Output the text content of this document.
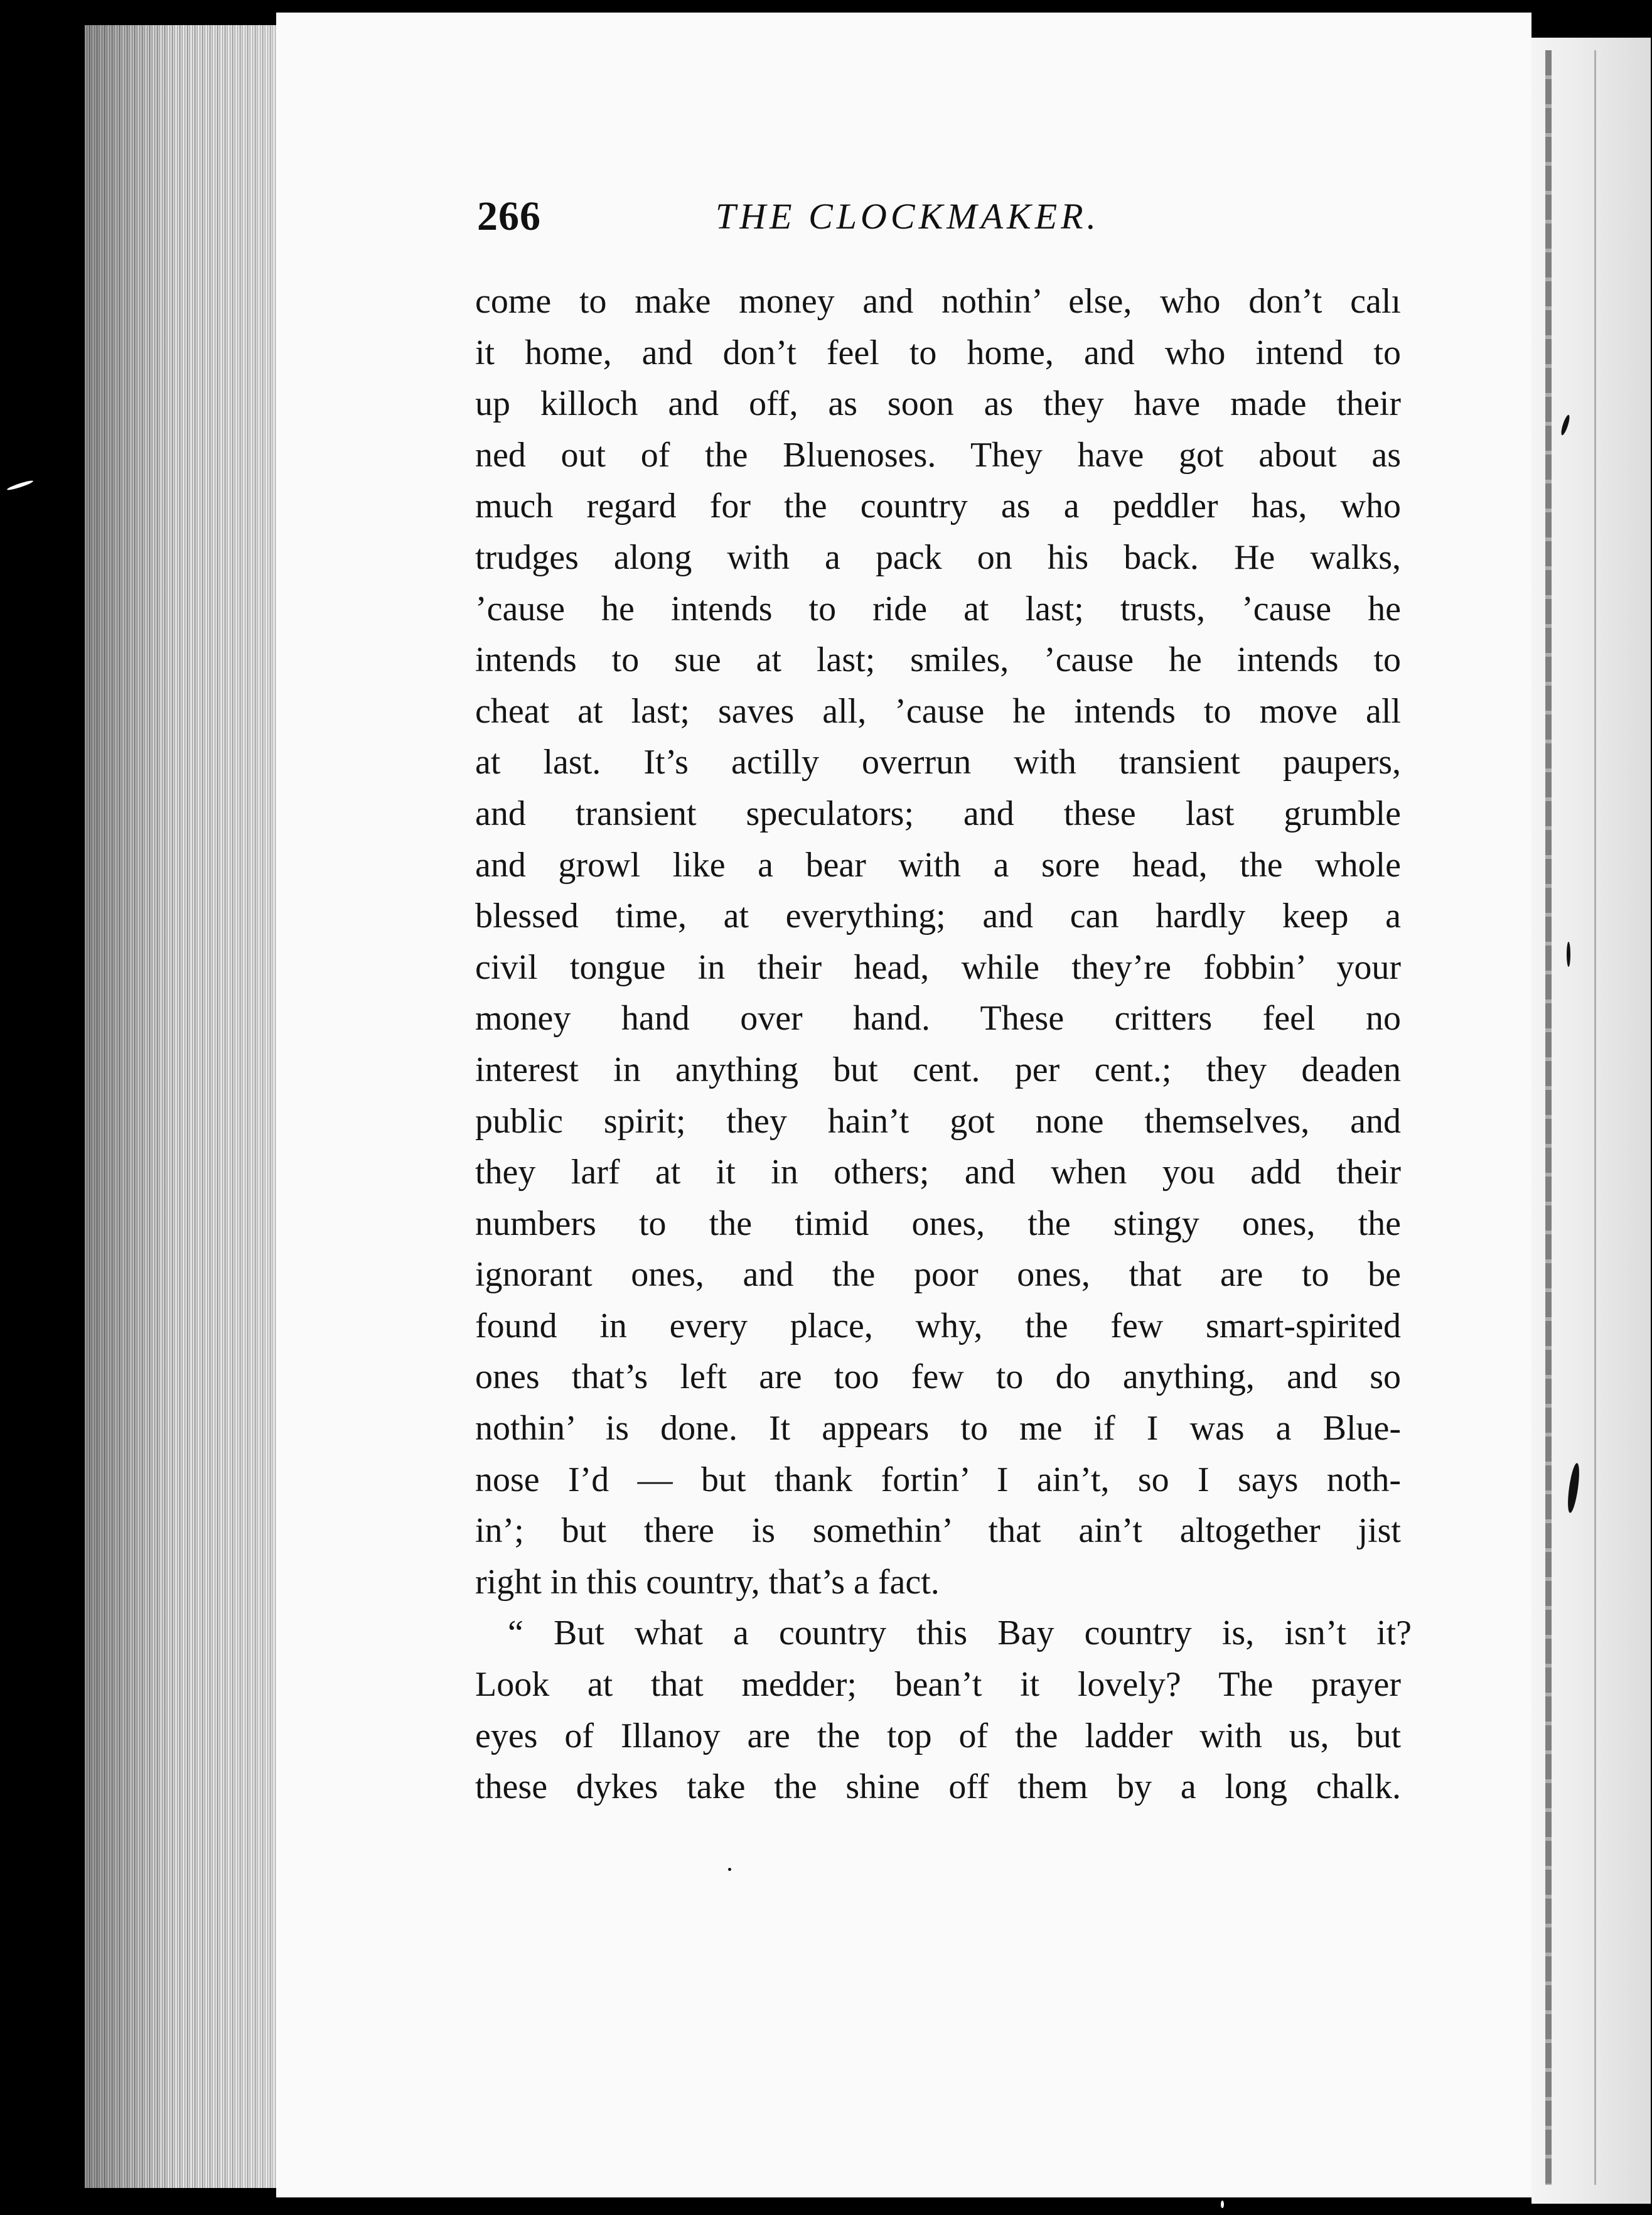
266	THE CLOCKMAKER.
come to make money and nothin’ else, who don’t calı
it home, and don’t feel to home, and who intend to
up killoch and off, as soon as they have made their
ned out of the Bluenoses. They have got about as
much regard for the country as a peddler has, who
trudges along with a pack on his back. He walks,
’cause he intends to ride at last; trusts, ’cause he
intends to sue at last; smiles, ’cause he intends to
cheat at last; saves all, ’cause he intends to move all
at last. It’s actilly overrun with transient paupers,
and transient speculators; and these last grumble
and growl like a bear with a sore head, the whole
blessed time, at everything; and can hardly keep a
civil tongue in their head, while they’re fobbin’ your
money hand over hand. These critters feel no
interest in anything but cent. per cent.; they deaden
public spirit; they hain’t got none themselves, and
they larf at it in others; and when you add their
numbers to the timid ones, the stingy ones, the
ignorant ones, and the poor ones, that are to be
found in every place, why, the few smart-spirited
ones that’s left are too few to do anything, and so
nothin’ is done. It appears to me if I was a Blue-
nose I’d — but thank fortin’ I ain’t, so I says noth-
in’; but there is somethin’ that ain’t altogether jist
right in this country, that’s a fact.
“ But what a country this Bay country is, isn’t it?
Look at that medder; bean’t it lovely? The prayer
eyes of Illanoy are the top of the ladder with us, but
these dykes take the shine off them by a long chalk.
